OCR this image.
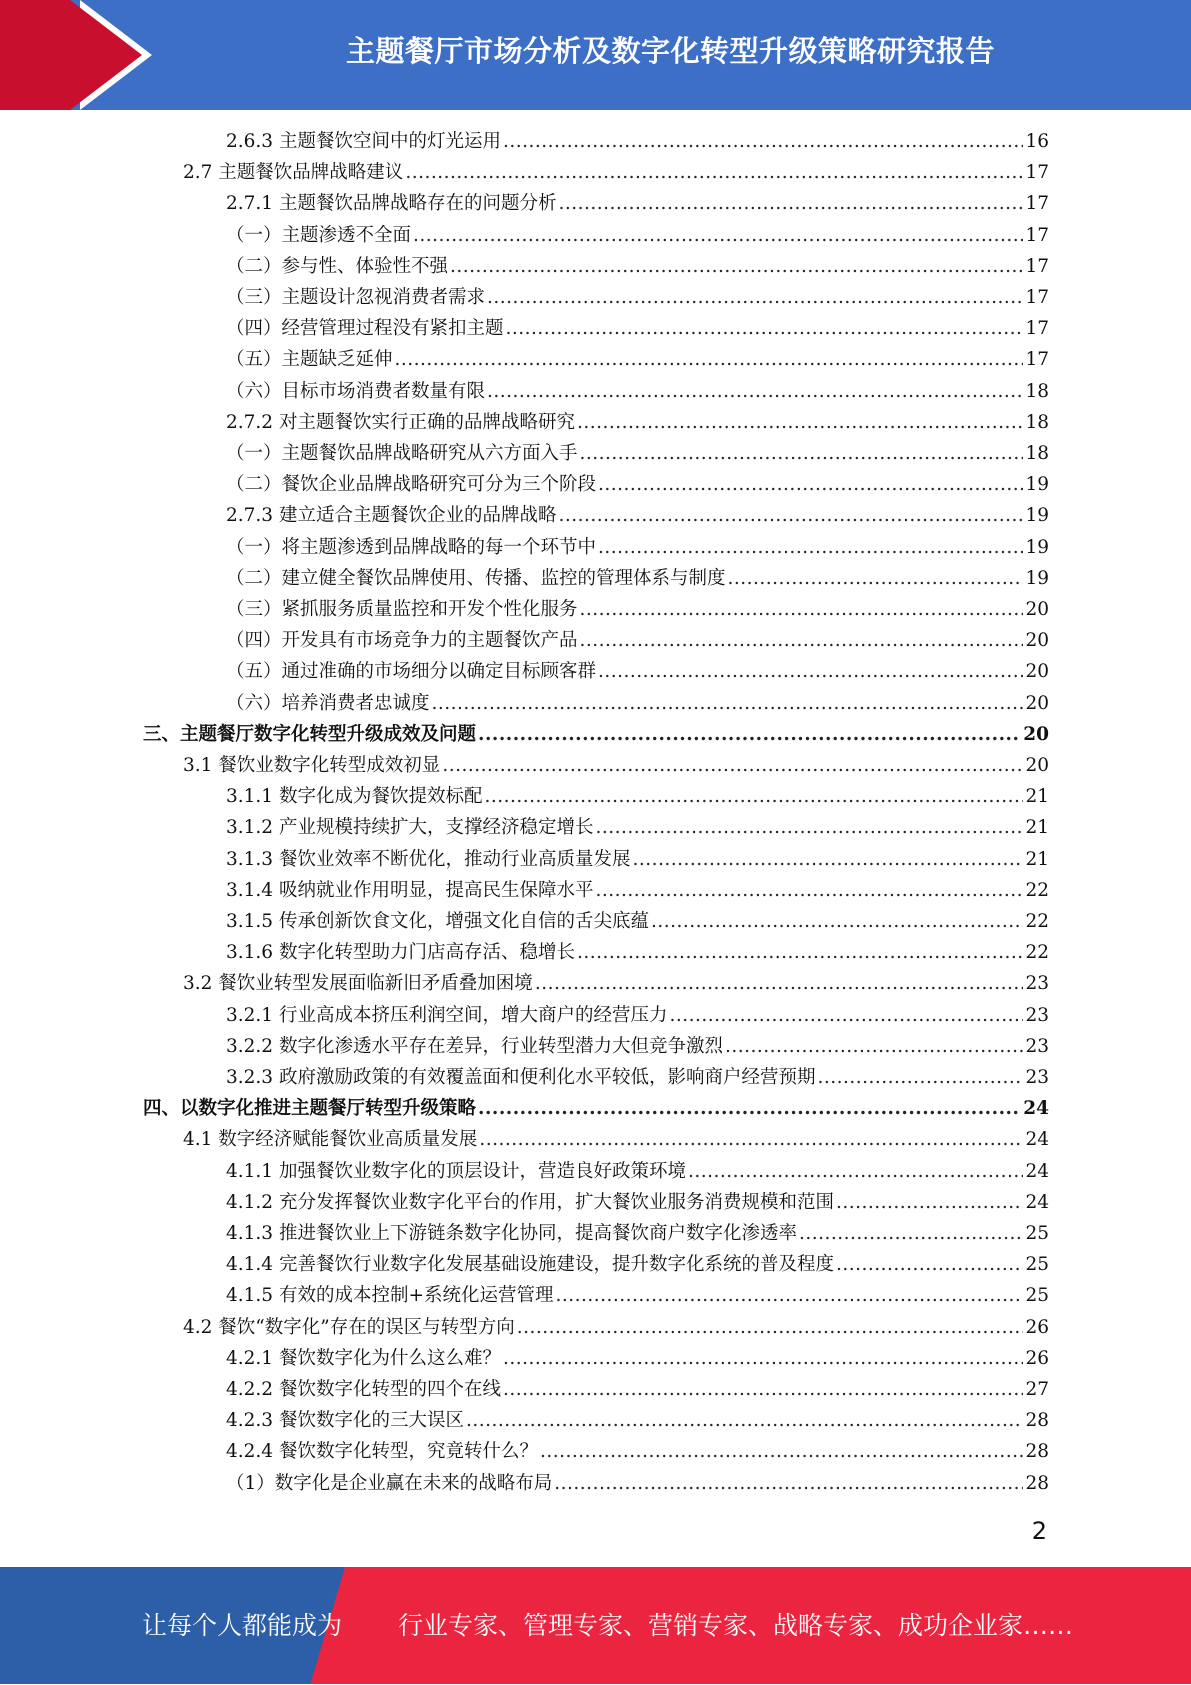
主题餐厅市场分析及数字化转型升级策略研究报告
2.6.3 主题餐饮空间中的灯光运用 .....	16
2.7 主题餐饮品牌战略建议 .....	17
2.7.1 主题餐饮品牌战略存在的问题分析 .....	17
（一）主题渗透不全面 .....	17
（二）参与性、体验性不强 .....	17
（三）主题设计忽视消费者需求 .....	17
（四）经营管理过程没有紧扣主题 .....	17
（五）主题缺乏延伸 .....	17
（六）目标市场消费者数量有限 .....	18
2.7.2 对主题餐饮实行正确的品牌战略研究 .....	18
（一）主题餐饮品牌战略研究从六方面入手 .....	18
（二）餐饮企业品牌战略研究可分为三个阶段 .....	19
2.7.3 建立适合主题餐饮企业的品牌战略 .....	19
（一）将主题渗透到品牌战略的每一个环节中 .....	19
（二）建立健全餐饮品牌使用、传播、监控的管理体系与制度 .....	19
（三）紧抓服务质量监控和开发个性化服务 .....	20
（四）开发具有市场竞争力的主题餐饮产品 .....	20
（五）通过准确的市场细分以确定目标顾客群 .....	20
（六）培养消费者忠诚度 .....	20
三、主题餐厅数字化转型升级成效及问题 .....	20
3.1 餐饮业数字化转型成效初显 .....	20
3.1.1 数字化成为餐饮提效标配 .....	21
3.1.2 产业规模持续扩大，支撑经济稳定增长 .....	21
3.1.3 餐饮业效率不断优化，推动行业高质量发展 .....	21
3.1.4 吸纳就业作用明显，提高民生保障水平 .....	22
3.1.5 传承创新饮食文化，增强文化自信的舌尖底蕴 .....	22
3.1.6 数字化转型助力门店高存活、稳增长 .....	22
3.2 餐饮业转型发展面临新旧矛盾叠加困境 .....	23
3.2.1 行业高成本挤压利润空间，增大商户的经营压力 .....	23
3.2.2 数字化渗透水平存在差异，行业转型潜力大但竞争激烈 .....	23
3.2.3 政府激励政策的有效覆盖面和便利化水平较低，影响商户经营预期 .....	23
四、以数字化推进主题餐厅转型升级策略 .....	24
4.1 数字经济赋能餐饮业高质量发展 .....	24
4.1.1 加强餐饮业数字化的顶层设计，营造良好政策环境 .....	24
4.1.2 充分发挥餐饮业数字化平台的作用，扩大餐饮业服务消费规模和范围 .....	24
4.1.3 推进餐饮业上下游链条数字化协同，提高餐饮商户数字化渗透率 .....	25
4.1.4 完善餐饮行业数字化发展基础设施建设，提升数字化系统的普及程度 .....	25
4.1.5 有效的成本控制+系统化运营管理 .....	25
4.2 餐饮“数字化”存在的误区与转型方向 .....	26
4.2.1 餐饮数字化为什么这么难？ .....	26
4.2.2 餐饮数字化转型的四个在线 .....	27
4.2.3 餐饮数字化的三大误区 .....	28
4.2.4 餐饮数字化转型，究竟转什么？ .....	28
（1）数字化是企业赢在未来的战略布局 .....	28
2
让每个人都能成为 行业专家、管理专家、营销专家、战略专家、成功企业家……
